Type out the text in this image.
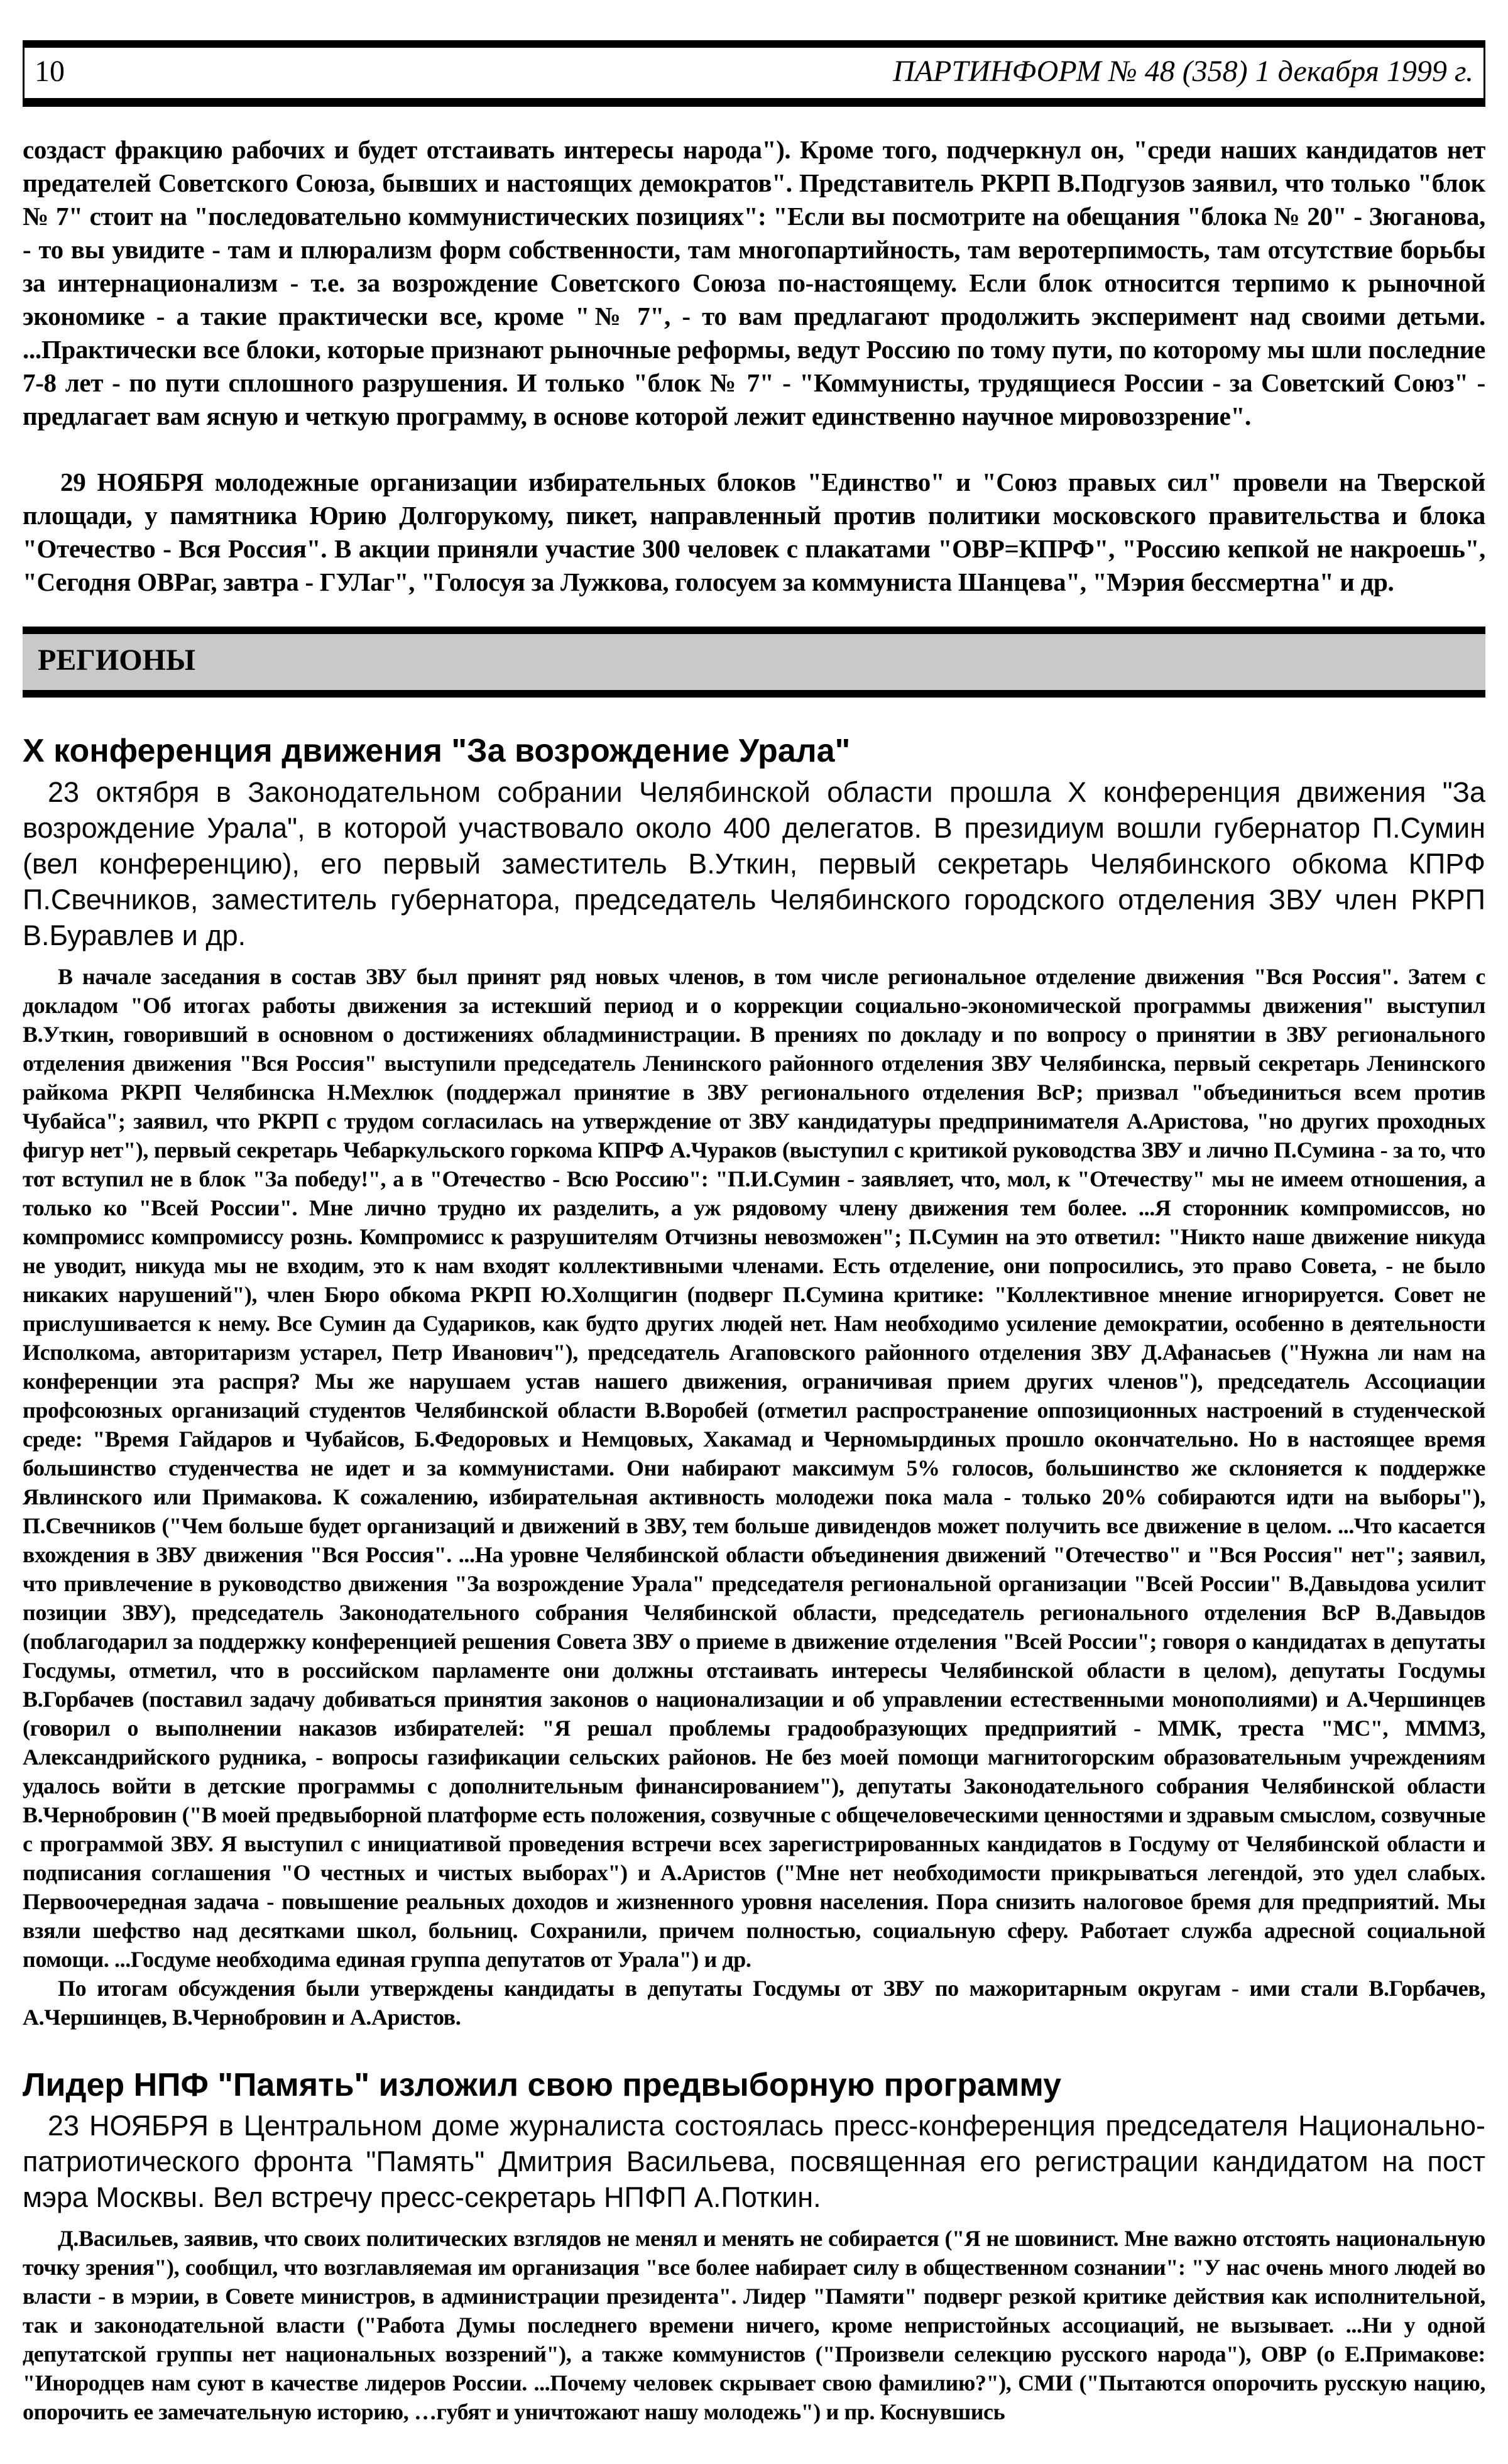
10	ПАРТИНФОРМ № 48 (358) 1 декабря 1999 г.

создаст фракцию рабочих и будет отстаивать интересы народа"). Кроме того, подчеркнул он, "среди наших кандидатов нет предателей Советского Союза, бывших и настоящих демократов". Представитель РКРП В.Подгузов заявил, что только "блок № 7" стоит на "последовательно коммунистических позициях": "Если вы посмотрите на обещания "блока № 20" - Зюганова, - то вы увидите - там и плюрализм форм собственности, там многопартийность, там веротерпимость, там отсутствие борьбы за интернационализм - т.е. за возрождение Советского Союза по-настоящему. Если блок относится терпимо к рыночной экономике - а такие практически все, кроме "№ 7", - то вам предлагают продолжить эксперимент над своими детьми. ...Практически все блоки, которые признают рыночные реформы, ведут Россию по тому пути, по которому мы шли последние 7-8 лет - по пути сплошного разрушения. И только "блок № 7" - "Коммунисты, трудящиеся России - за Советский Союз" - предлагает вам ясную и четкую программу, в основе которой лежит единственно научное мировоззрение".

29 НОЯБРЯ молодежные организации избирательных блоков "Единство" и "Союз правых сил" провели на Тверской площади, у памятника Юрию Долгорукому, пикет, направленный против политики московского правительства и блока "Отечество - Вся Россия". В акции приняли участие 300 человек с плакатами "ОВР=КПРФ", "Россию кепкой не накроешь", "Сегодня ОВРаг, завтра - ГУЛаг", "Голосуя за Лужкова, голосуем за коммуниста Шанцева", "Мэрия бессмертна" и др.

РЕГИОНЫ
X конференция движения "За возрождение Урала"

23 октября в Законодательном собрании Челябинской области прошла X конференция движения "За возрождение Урала", в которой участвовало около 400 делегатов. В президиум вошли губернатор П.Сумин (вел конференцию), его первый заместитель В.Уткин, первый секретарь Челябинского обкома КПРФ П.Свечников, заместитель губернатора, председатель Челябинского городского отделения ЗВУ член РКРП В.Буравлев и др.

В начале заседания в состав ЗВУ был принят ряд новых членов, в том числе региональное отделение движения "Вся Россия". Затем с докладом "Об итогах работы движения за истекший период и о коррекции социально-экономической программы движения" выступил В.Уткин, говоривший в основном о достижениях обладминистрации. В прениях по докладу и по вопросу о принятии в ЗВУ регионального отделения движения "Вся Россия" выступили председатель Ленинского районного отделения ЗВУ Челябинска, первый секретарь Ленинского райкома РКРП Челябинска Н.Мехлюк (поддержал принятие в ЗВУ регионального отделения ВсР; призвал "объединиться всем против Чубайса"; заявил, что РКРП с трудом согласилась на утверждение от ЗВУ кандидатуры предпринимателя А.Аристова, "но других проходных фигур нет"), первый секретарь Чебаркульского горкома КПРФ А.Чураков (выступил с критикой руководства ЗВУ и лично П.Сумина - за то, что тот вступил не в блок "За победу!", а в "Отечество - Всю Россию": "П.И.Сумин - заявляет, что, мол, к "Отечеству" мы не имеем отношения, а только ко "Всей России". Мне лично трудно их разделить, а уж рядовому члену движения тем более. ...Я сторонник компромиссов, но компромисс компромиссу рознь. Компромисс к разрушителям Отчизны невозможен"; П.Сумин на это ответил: "Никто наше движение никуда не уводит, никуда мы не входим, это к нам входят коллективными членами. Есть отделение, они попросились, это право Совета, - не было никаких нарушений"), член Бюро обкома РКРП Ю.Холщигин (подверг П.Сумина критике: "Коллективное мнение игнорируется. Совет не прислушивается к нему. Все Сумин да Судариков, как будто других людей нет. Нам необходимо усиление демократии, особенно в деятельности Исполкома, авторитаризм устарел, Петр Иванович"), председатель Агаповского районного отделения ЗВУ Д.Афанасьев ("Нужна ли нам на конференции эта распря? Мы же нарушаем устав нашего движения, ограничивая прием других членов"), председатель Ассоциации профсоюзных организаций студентов Челябинской области В.Воробей (отметил распространение оппозиционных настроений в студенческой среде: "Время Гайдаров и Чубайсов, Б.Федоровых и Немцовых, Хакамад и Черномырдиных прошло окончательно. Но в настоящее время большинство студенчества не идет и за коммунистами. Они набирают максимум 5% голосов, большинство же склоняется к поддержке Явлинского или Примакова. К сожалению, избирательная активность молодежи пока мала - только 20% собираются идти на выборы"), П.Свечников ("Чем больше будет организаций и движений в ЗВУ, тем больше дивидендов может получить все движение в целом. ...Что касается вхождения в ЗВУ движения "Вся Россия". ...На уровне Челябинской области объединения движений "Отечество" и "Вся Россия" нет"; заявил, что привлечение в руководство движения "За возрождение Урала" председателя региональной организации "Всей России" В.Давыдова усилит позиции ЗВУ), председатель Законодательного собрания Челябинской области, председатель регионального отделения ВсР В.Давыдов (поблагодарил за поддержку конференцией решения Совета ЗВУ о приеме в движение отделения "Всей России"; говоря о кандидатах в депутаты Госдумы, отметил, что в российском парламенте они должны отстаивать интересы Челябинской области в целом), депутаты Госдумы В.Горбачев (поставил задачу добиваться принятия законов о национализации и об управлении естественными монополиями) и А.Чершинцев (говорил о выполнении наказов избирателей: "Я решал проблемы градообразующих предприятий - ММК, треста "МС", МММЗ, Александрийского рудника, - вопросы газификации сельских районов. Не без моей помощи магнитогорским образовательным учреждениям удалось войти в детские программы с дополнительным финансированием"), депутаты Законодательного собрания Челябинской области В.Чернобровин ("В моей предвыборной платформе есть положения, созвучные с общечеловеческими ценностями и здравым смыслом, созвучные с программой ЗВУ. Я выступил с инициативой проведения встречи всех зарегистрированных кандидатов в Госдуму от Челябинской области и подписания соглашения "О честных и чистых выборах") и А.Аристов ("Мне нет необходимости прикрываться легендой, это удел слабых. Первоочередная задача - повышение реальных доходов и жизненного уровня населения. Пора снизить налоговое бремя для предприятий. Мы взяли шефство над десятками школ, больниц. Сохранили, причем полностью, социальную сферу. Работает служба адресной социальной помощи. ...Госдуме необходима единая группа депутатов от Урала") и др.

По итогам обсуждения были утверждены кандидаты в депутаты Госдумы от ЗВУ по мажоритарным округам - ими стали В.Горбачев, А.Чершинцев, В.Чернобровин и А.Аристов.

Лидер НПФ "Память" изложил свою предвыборную программу

23 НОЯБРЯ в Центральном доме журналиста состоялась пресс-конференция председателя Национально-патриотического фронта "Память" Дмитрия Васильева, посвященная его регистрации кандидатом на пост мэра Москвы. Вел встречу пресс-секретарь НПФП А.Поткин.

Д.Васильев, заявив, что своих политических взглядов не менял и менять не собирается ("Я не шовинист. Мне важно отстоять национальную точку зрения"), сообщил, что возглавляемая им организация "все более набирает силу в общественном сознании": "У нас очень много людей во власти - в мэрии, в Совете министров, в администрации президента". Лидер "Памяти" подверг резкой критике действия как исполнительной, так и законодательной власти ("Работа Думы последнего времени ничего, кроме непристойных ассоциаций, не вызывает. ...Ни у одной депутатской группы нет национальных воззрений"), а также коммунистов ("Произвели селекцию русского народа"), ОВР (о Е.Примакове: "Инородцев нам суют в качестве лидеров России. ...Почему человек скрывает свою фамилию?"), СМИ ("Пытаются опорочить русскую нацию, опорочить ее замечательную историю, …губят и уничтожают нашу молодежь") и пр. Коснувшись
